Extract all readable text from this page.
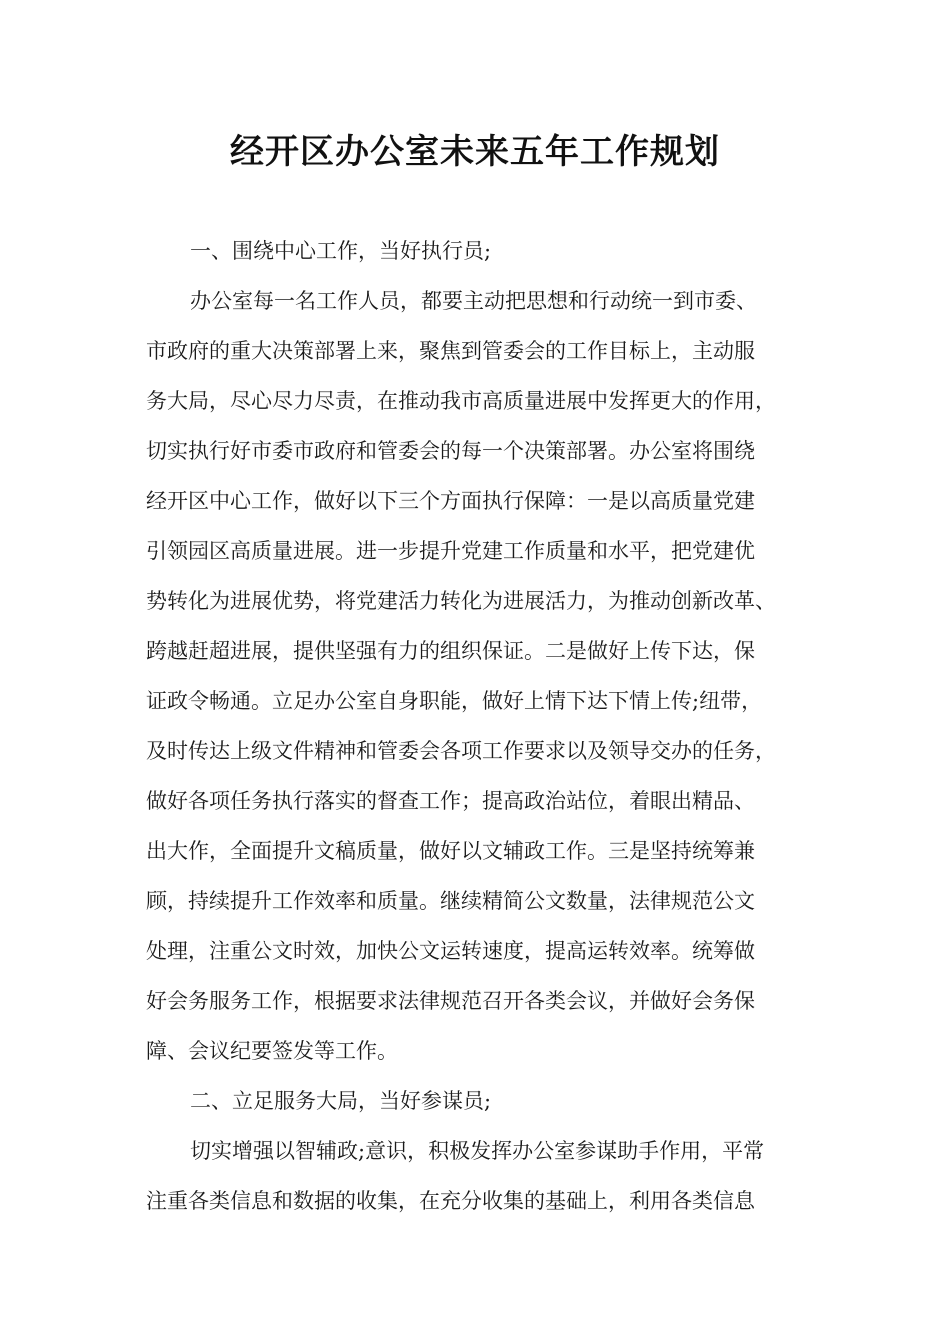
经开区办公室未来五年工作规划

一、围绕中心工作，当好执行员;

办公室每一名工作人员，都要主动把思想和行动统一到市委、

市政府的重大决策部署上来，聚焦到管委会的工作目标上，主动服

务大局，尽心尽力尽责，在推动我市高质量进展中发挥更大的作用，

切实执行好市委市政府和管委会的每一个决策部署。办公室将围绕

经开区中心工作，做好以下三个方面执行保障：一是以高质量党建

引领园区高质量进展。进一步提升党建工作质量和水平，把党建优

势转化为进展优势，将党建活力转化为进展活力，为推动创新改革、

跨越赶超进展，提供坚强有力的组织保证。二是做好上传下达，保

证政令畅通。立足办公室自身职能，做好上情下达下情上传;纽带，

及时传达上级文件精神和管委会各项工作要求以及领导交办的任务，

做好各项任务执行落实的督查工作；提高政治站位，着眼出精品、

出大作，全面提升文稿质量，做好以文辅政工作。三是坚持统筹兼

顾，持续提升工作效率和质量。继续精简公文数量，法律规范公文

处理，注重公文时效，加快公文运转速度，提高运转效率。统筹做

好会务服务工作，根据要求法律规范召开各类会议，并做好会务保

障、会议纪要签发等工作。

二、立足服务大局，当好参谋员;

切实增强以智辅政;意识，积极发挥办公室参谋助手作用，平常

注重各类信息和数据的收集，在充分收集的基础上，利用各类信息
